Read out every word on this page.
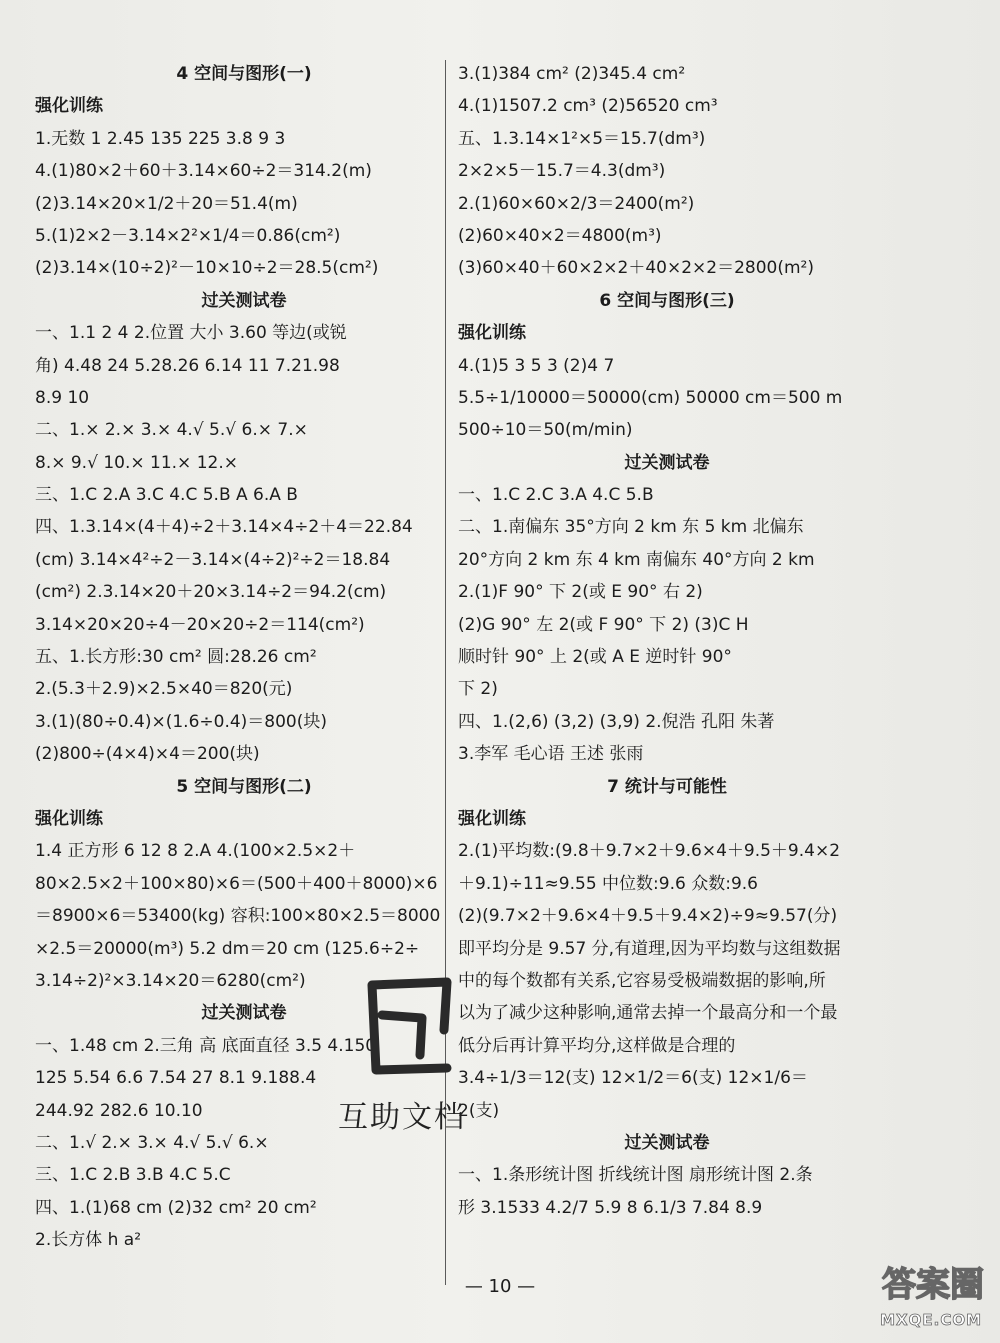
4 空间与图形(一)
强化训练
1.无数 1 2.45 135 225 3.8 9 3
4.(1)80×2＋60＋3.14×60÷2＝314.2(m)
(2)3.14×20×1/2＋20＝51.4(m)
5.(1)2×2－3.14×2²×1/4＝0.86(cm²)
(2)3.14×(10÷2)²－10×10÷2＝28.5(cm²)
过关测试卷
一、1.1 2 4 2.位置 大小 3.60 等边(或锐
角) 4.48 24 5.28.26 6.14 11 7.21.98
8.9 10
二、1.× 2.× 3.× 4.√ 5.√ 6.× 7.×
8.× 9.√ 10.× 11.× 12.×
三、1.C 2.A 3.C 4.C 5.B A 6.A B
四、1.3.14×(4＋4)÷2＋3.14×4÷2＋4＝22.84
(cm) 3.14×4²÷2－3.14×(4÷2)²÷2＝18.84
(cm²) 2.3.14×20＋20×3.14÷2＝94.2(cm)
3.14×20×20÷4－20×20÷2＝114(cm²)
五、1.长方形:30 cm² 圆:28.26 cm²
2.(5.3＋2.9)×2.5×40＝820(元)
3.(1)(80÷0.4)×(1.6÷0.4)＝800(块)
(2)800÷(4×4)×4＝200(块)
5 空间与图形(二)
强化训练
1.4 正方形 6 12 8 2.A 4.(100×2.5×2＋
80×2.5×2＋100×80)×6＝(500＋400＋8000)×6
＝8900×6＝53400(kg) 容积:100×80×2.5＝8000
×2.5＝20000(m³) 5.2 dm＝20 cm (125.6÷2÷
3.14÷2)²×3.14×20＝6280(cm²)
过关测试卷
一、1.48 cm 2.三角 高 底面直径 3.5 4.150
125 5.54 6.6 7.54 27 8.1 9.188.4
244.92 282.6 10.10
二、1.√ 2.× 3.× 4.√ 5.√ 6.×
三、1.C 2.B 3.B 4.C 5.C
四、1.(1)68 cm (2)32 cm² 20 cm²
2.长方体 h a²
3.(1)384 cm² (2)345.4 cm²
4.(1)1507.2 cm³ (2)56520 cm³
五、1.3.14×1²×5＝15.7(dm³)
2×2×5－15.7＝4.3(dm³)
2.(1)60×60×2/3＝2400(m²)
(2)60×40×2＝4800(m³)
(3)60×40＋60×2×2＋40×2×2＝2800(m²)
6 空间与图形(三)
强化训练
4.(1)5 3 5 3 (2)4 7
5.5÷1/10000＝50000(cm) 50000 cm＝500 m
500÷10＝50(m/min)
过关测试卷
一、1.C 2.C 3.A 4.C 5.B
二、1.南偏东 35°方向 2 km 东 5 km 北偏东
20°方向 2 km 东 4 km 南偏东 40°方向 2 km
2.(1)F 90° 下 2(或 E 90° 右 2)
(2)G 90° 左 2(或 F 90° 下 2) (3)C H
顺时针 90° 上 2(或 A E 逆时针 90°
下 2)
四、1.(2,6) (3,2) (3,9) 2.倪浩 孔阳 朱著
3.李军 毛心语 王述 张雨
7 统计与可能性
强化训练
2.(1)平均数:(9.8＋9.7×2＋9.6×4＋9.5＋9.4×2
＋9.1)÷11≈9.55 中位数:9.6 众数:9.6
(2)(9.7×2＋9.6×4＋9.5＋9.4×2)÷9≈9.57(分)
即平均分是 9.57 分,有道理,因为平均数与这组数据
中的每个数都有关系,它容易受极端数据的影响,所
以为了减少这种影响,通常去掉一个最高分和一个最
低分后再计算平均分,这样做是合理的
3.4÷1/3＝12(支) 12×1/2＝6(支) 12×1/6＝
2(支)
过关测试卷
一、1.条形统计图 折线统计图 扇形统计图 2.条
形 3.1533 4.2/7 5.9 8 6.1/3 7.84 8.9
互助文档
— 10 —	答案圈
MXQE.COM
